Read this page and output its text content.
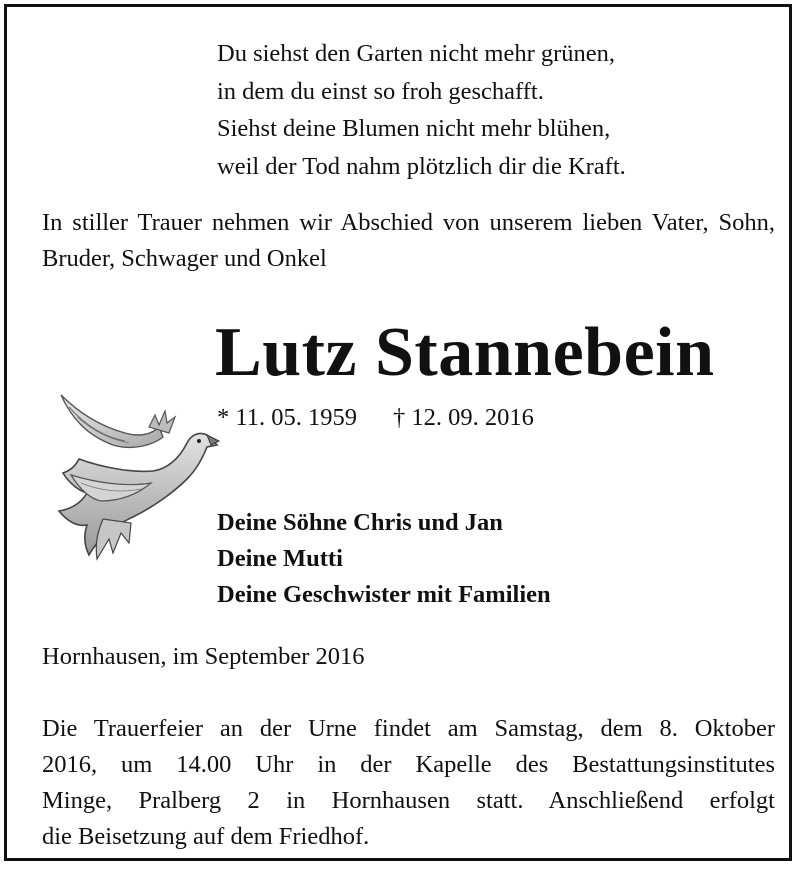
Du siehst den Garten nicht mehr grünen,
in dem du einst so froh geschafft.
Siehst deine Blumen nicht mehr blühen,
weil der Tod nahm plötzlich dir die Kraft.
In stiller Trauer nehmen wir Abschied von unserem lieben Vater, Sohn, Bruder, Schwager und Onkel
Lutz Stannebein
* 11. 05. 1959 † 12. 09. 2016
Deine Söhne Chris und Jan
Deine Mutti
Deine Geschwister mit Familien
Hornhausen, im September 2016
Die Trauerfeier an der Urne findet am Samstag, dem 8. Oktober
2016, um 14.00 Uhr in der Kapelle des Bestattungsinstitutes
Minge, Pralberg 2 in Hornhausen statt. Anschließend erfolgt
die Beisetzung auf dem Friedhof.
